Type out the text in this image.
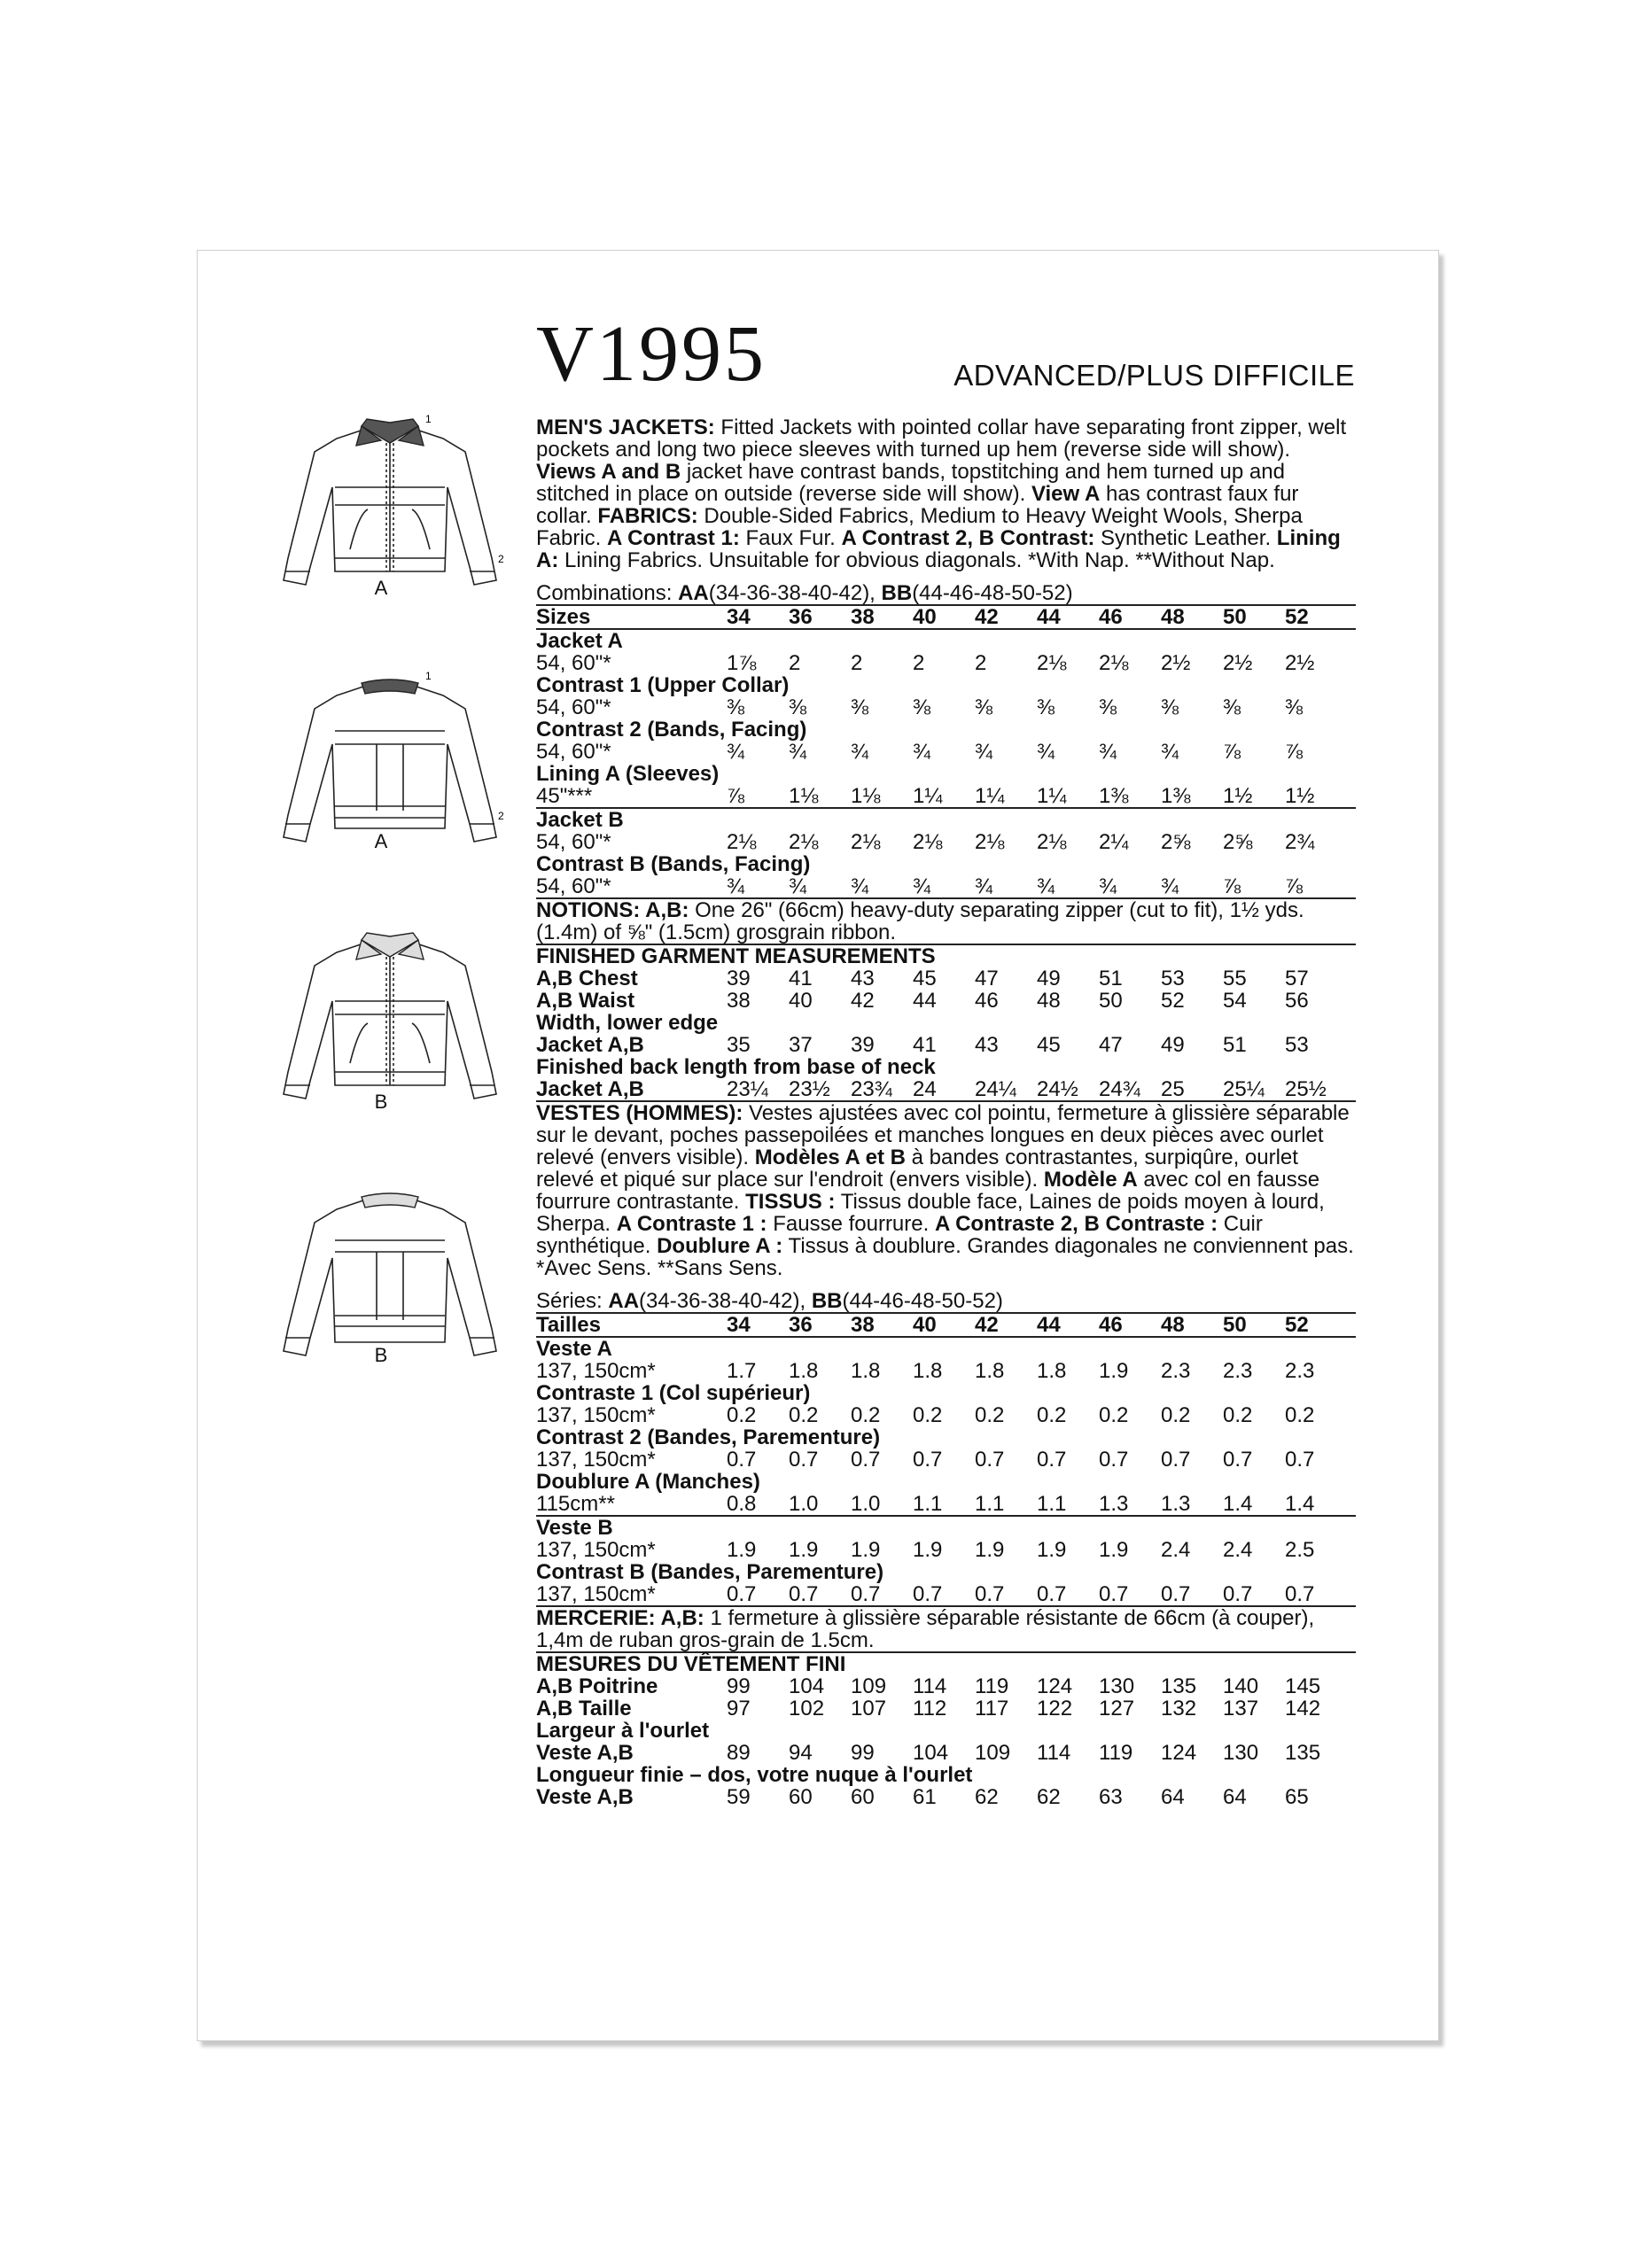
V1995	ADVANCED/PLUS DIFFICILE
1
2
A
1
2
A
B
B

MEN'S JACKETS: Fitted Jackets with pointed collar have separating front zipper, welt pockets and long two piece sleeves with turned up hem (reverse side will show). Views A and B jacket have contrast bands, topstitching and hem turned up and stitched in place on outside (reverse side will show). View A has contrast faux fur collar. FABRICS: Double-Sided Fabrics, Medium to Heavy Weight Wools, Sherpa Fabric. A Contrast 1: Faux Fur. A Contrast 2, B Contrast: Synthetic Leather. Lining A: Lining Fabrics. Unsuitable for obvious diagonals. *With Nap. **Without Nap.

Combinations: AA(34-36-38-40-42), BB(44-46-48-50-52)
Sizes	34	36	38	40	42	44	46	48	50	52
Jacket A
54, 60"*	1⅞	2	2	2	2	2⅛	2⅛	2½	2½	2½
Contrast 1 (Upper Collar)
54, 60"*	⅜	⅜	⅜	⅜	⅜	⅜	⅜	⅜	⅜	⅜
Contrast 2 (Bands, Facing)
54, 60"*	¾	¾	¾	¾	¾	¾	¾	¾	⅞	⅞
Lining A (Sleeves)
45"***	⅞	1⅛	1⅛	1¼	1¼	1¼	1⅜	1⅜	1½	1½
Jacket B
54, 60"*	2⅛	2⅛	2⅛	2⅛	2⅛	2⅛	2¼	2⅝	2⅝	2¾
Contrast B (Bands, Facing)
54, 60"*	¾	¾	¾	¾	¾	¾	¾	¾	⅞	⅞

NOTIONS: A,B: One 26" (66cm) heavy-duty separating zipper (cut to fit), 1½ yds. (1.4m) of ⅝" (1.5cm) grosgrain ribbon.

FINISHED GARMENT MEASUREMENTS
A,B Chest	39	41	43	45	47	49	51	53	55	57
A,B Waist	38	40	42	44	46	48	50	52	54	56
Width, lower edge
Jacket A,B	35	37	39	41	43	45	47	49	51	53
Finished back length from base of neck
Jacket A,B	23¼ 23½ 23¾ 24	24¼ 24½ 24¾ 25	25¼ 25½

VESTES (HOMMES): Vestes ajustées avec col pointu, fermeture à glissière séparable sur le devant, poches passepoilées et manches longues en deux pièces avec ourlet relevé (envers visible). Modèles A et B à bandes contrastantes, surpiqûre, ourlet relevé et piqué sur place sur l'endroit (envers visible). Modèle A avec col en fausse fourrure contrastante. TISSUS : Tissus double face, Laines de poids moyen à lourd, Sherpa. A Contraste 1 : Fausse fourrure. A Contraste 2, B Contraste : Cuir synthétique. Doublure A : Tissus à doublure. Grandes diagonales ne conviennent pas. *Avec Sens. **Sans Sens.

Séries: AA(34-36-38-40-42), BB(44-46-48-50-52)
Tailles	34	36	38	40	42	44	46	48	50	52
Veste A
137, 150cm*	1.7	1.8	1.8	1.8	1.8	1.8	1.9	2.3	2.3	2.3
Contraste 1 (Col supérieur)
137, 150cm*	0.2	0.2	0.2	0.2	0.2	0.2	0.2	0.2	0.2	0.2
Contrast 2 (Bandes, Parementure)
137, 150cm*	0.7	0.7	0.7	0.7	0.7	0.7	0.7	0.7	0.7	0.7
Doublure A (Manches)
115cm**	0.8	1.0	1.0	1.1	1.1	1.1	1.3	1.3	1.4	1.4
Veste B
137, 150cm*	1.9	1.9	1.9	1.9	1.9	1.9	1.9	2.4	2.4	2.5
Contrast B (Bandes, Parementure)
137, 150cm*	0.7	0.7	0.7	0.7	0.7	0.7	0.7	0.7	0.7	0.7

MERCERIE: A,B: 1 fermeture à glissière séparable résistante de 66cm (à couper), 1,4m de ruban gros-grain de 1.5cm.

MESURES DU VÊTEMENT FINI
A,B Poitrine	99	104	109	114	119	124	130	135	140	145
A,B Taille	97	102	107	112	117	122	127	132	137	142
Largeur à l'ourlet
Veste A,B	89	94	99	104	109	114	119	124	130	135
Longueur finie – dos, votre nuque à l'ourlet
Veste A,B	59	60	60	61	62	62	63	64	64	65
